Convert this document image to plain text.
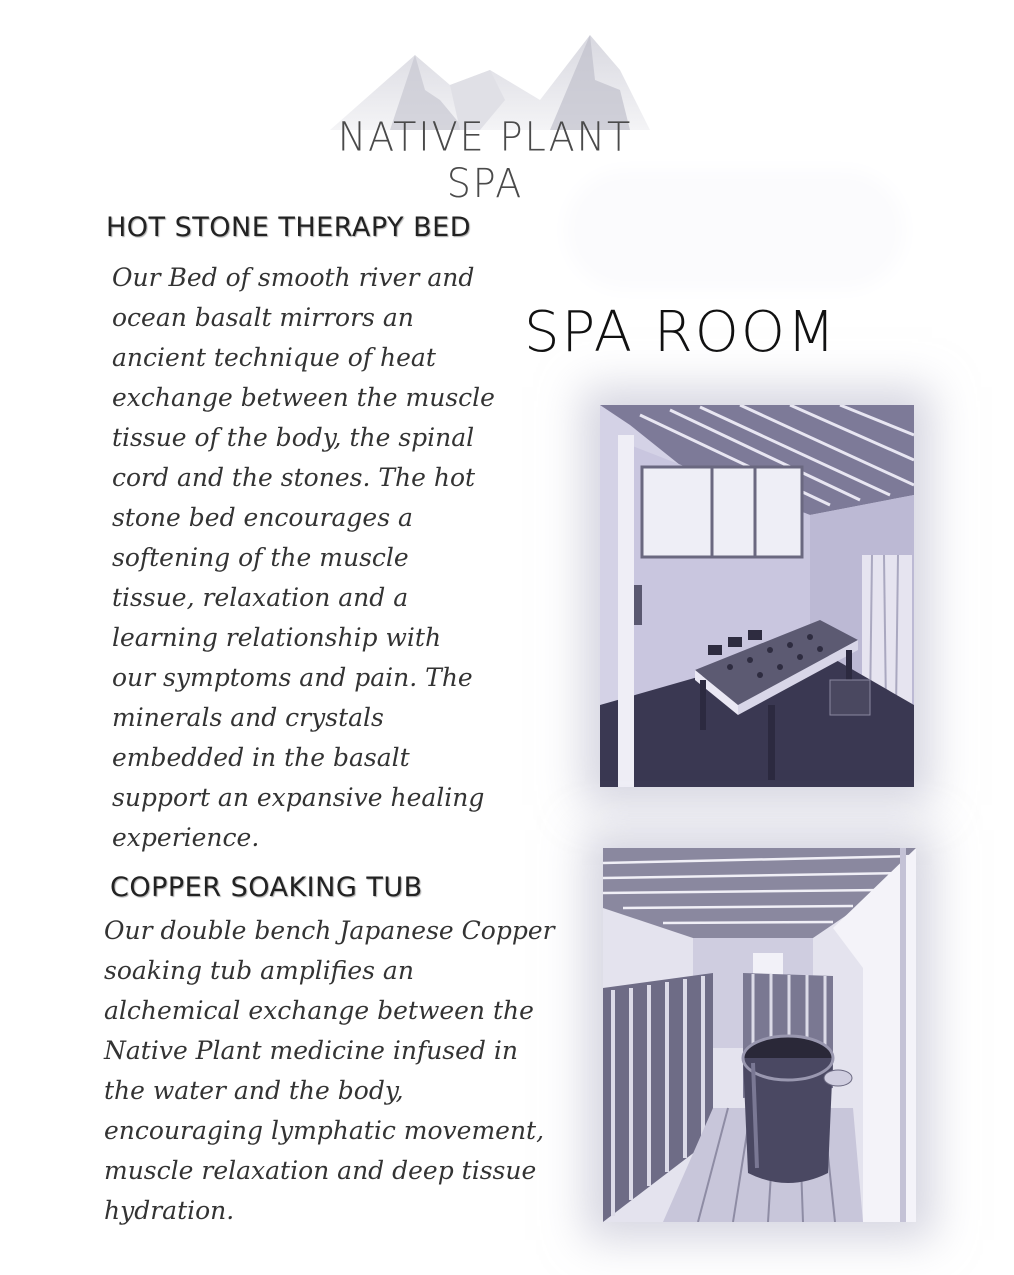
NATIVE PLANT SPA
HOT STONE THERAPY BED

Our Bed of smooth river and
ocean basalt mirrors an
ancient technique of heat
exchange between the muscle
tissue of the body, the spinal
cord and the stones. The hot
stone bed encourages a
softening of the muscle
tissue, relaxation and a
learning relationship with
our symptoms and pain. The
minerals and crystals
embedded in the basalt
support an expansive healing
experience.

SPA ROOM
COPPER SOAKING TUB

Our double bench Japanese Copper
soaking tub amplifies an
alchemical exchange between the
Native Plant medicine infused in
the water and the body,
encouraging lymphatic movement,
muscle relaxation and deep tissue
hydration.
